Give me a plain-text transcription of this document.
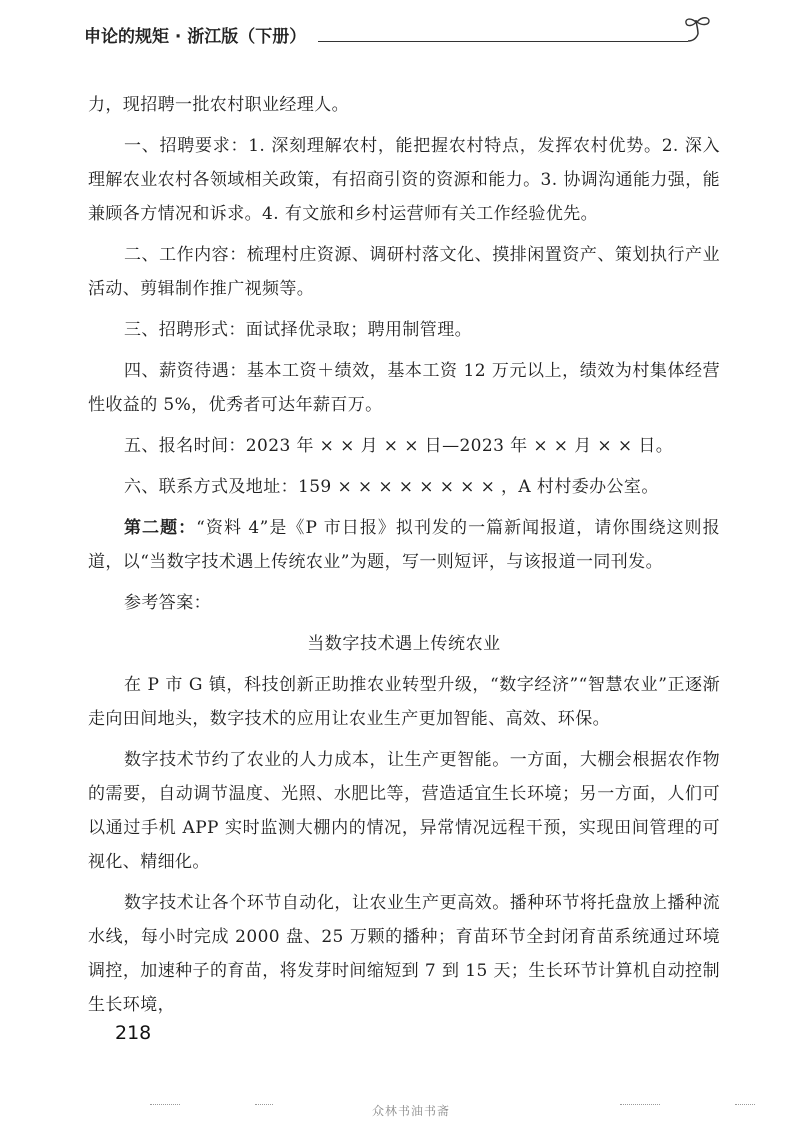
申论的规矩 · 浙江版（下册）

力，现招聘一批农村职业经理人。

一、招聘要求：1. 深刻理解农村，能把握农村特点，发挥农村优势。2. 深入理解农业农村各领域相关政策，有招商引资的资源和能力。3. 协调沟通能力强，能兼顾各方情况和诉求。4. 有文旅和乡村运营师有关工作经验优先。

二、工作内容：梳理村庄资源、调研村落文化、摸排闲置资产、策划执行产业活动、剪辑制作推广视频等。

三、招聘形式：面试择优录取；聘用制管理。

四、薪资待遇：基本工资＋绩效，基本工资 12 万元以上，绩效为村集体经营性收益的 5%，优秀者可达年薪百万。

五、报名时间：2023 年 × × 月 × × 日—2023 年 × × 月 × × 日。

六、联系方式及地址：159 × × × × × × × × ，A 村村委办公室。

第二题：“资料 4”是《P 市日报》拟刊发的一篇新闻报道，请你围绕这则报道，以“当数字技术遇上传统农业”为题，写一则短评，与该报道一同刊发。

参考答案：

当数字技术遇上传统农业

在 P 市 G 镇，科技创新正助推农业转型升级，“数字经济”“智慧农业”正逐渐走向田间地头，数字技术的应用让农业生产更加智能、高效、环保。

数字技术节约了农业的人力成本，让生产更智能。一方面，大棚会根据农作物的需要，自动调节温度、光照、水肥比等，营造适宜生长环境；另一方面，人们可以通过手机 APP 实时监测大棚内的情况，异常情况远程干预，实现田间管理的可视化、精细化。

数字技术让各个环节自动化，让农业生产更高效。播种环节将托盘放上播种流水线，每小时完成 2000 盘、25 万颗的播种；育苗环节全封闭育苗系统通过环境调控，加速种子的育苗，将发芽时间缩短到 7 到 15 天；生长环节计算机自动控制生长环境，

218
众林书油书斋
